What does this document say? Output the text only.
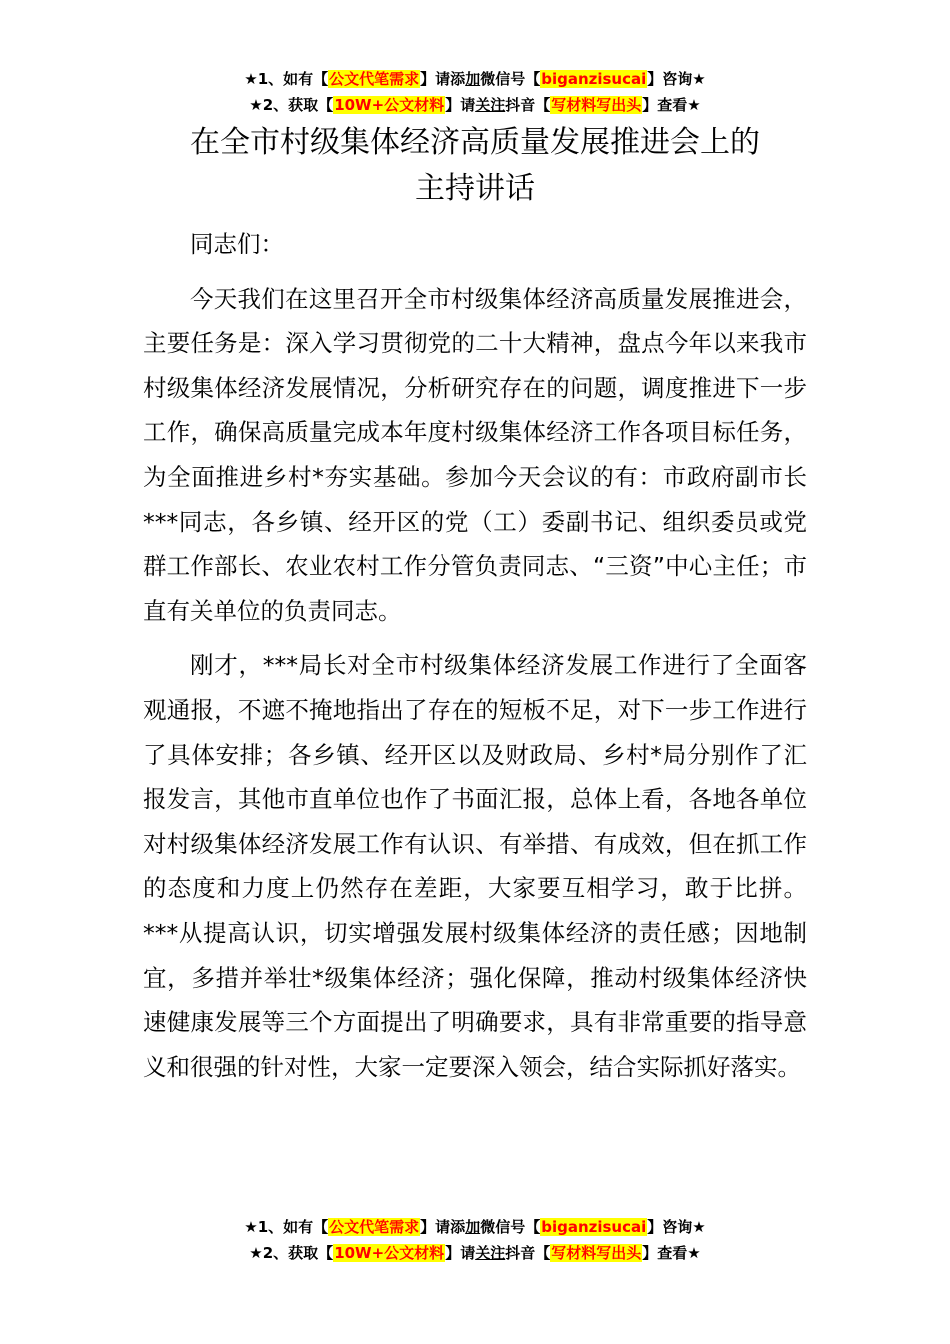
★1、如有【公文代笔需求】请添加微信号【biganzisucai】咨询★
★2、获取【10W+公文材料】请关注抖音【写材料写出头】查看★
在全市村级集体经济高质量发展推进会上的
主持讲话

同志们：

今天我们在这里召开全市村级集体经济高质量发展推进会，主要任务是：深入学习贯彻党的二十大精神，盘点今年以来我市村级集体经济发展情况，分析研究存在的问题，调度推进下一步工作，确保高质量完成本年度村级集体经济工作各项目标任务，为全面推进乡村*夯实基础。参加今天会议的有：市政府副市长***同志，各乡镇、经开区的党（工）委副书记、组织委员或党群工作部长、农业农村工作分管负责同志、“三资”中心主任；市直有关单位的负责同志。

刚才，***局长对全市村级集体经济发展工作进行了全面客观通报，不遮不掩地指出了存在的短板不足，对下一步工作进行了具体安排；各乡镇、经开区以及财政局、乡村*局分别作了汇报发言，其他市直单位也作了书面汇报，总体上看，各地各单位对村级集体经济发展工作有认识、有举措、有成效，但在抓工作的态度和力度上仍然存在差距，大家要互相学习，敢于比拼。***从提高认识，切实增强发展村级集体经济的责任感；因地制宜，多措并举壮*级集体经济；强化保障，推动村级集体经济快速健康发展等三个方面提出了明确要求，具有非常重要的指导意义和很强的针对性，大家一定要深入领会，结合实际抓好落实。

★1、如有【公文代笔需求】请添加微信号【biganzisucai】咨询★
★2、获取【10W+公文材料】请关注抖音【写材料写出头】查看★
